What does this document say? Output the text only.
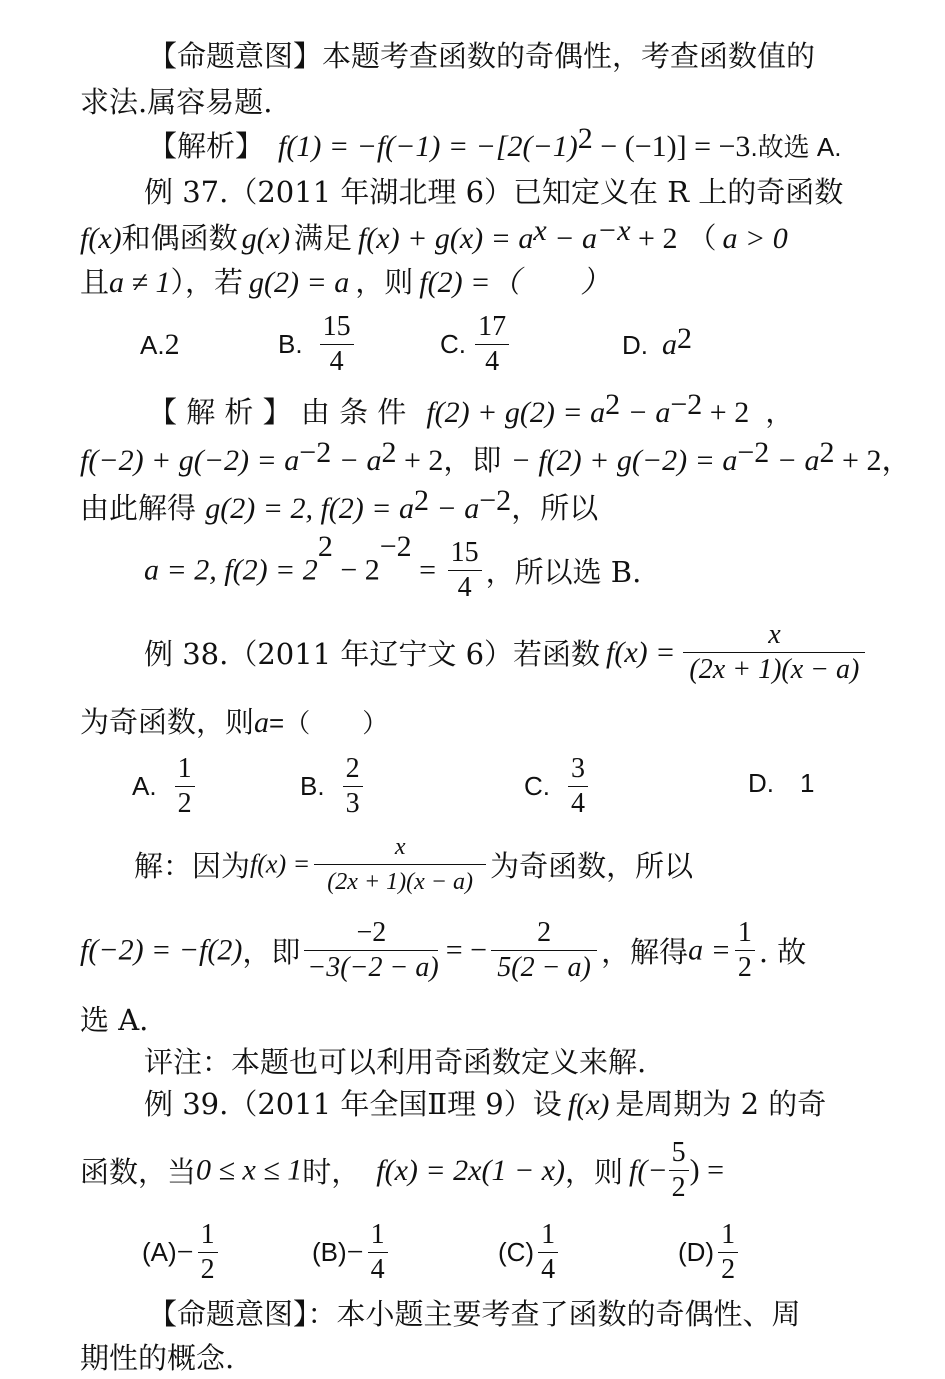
【命题意图】本题考查函数的奇偶性，考查函数值的
求法.属容易题.
【解析】 $f(1) = -f(-1) = -[2(-1)^2 - (-1)] = -3$.故选 A.
例 37.（2011 年湖北理 6）已知定义在 R 上的奇函数
f(x)和偶函数 g(x) 满足 $f(x) + g(x) = a^x - a^{-x} + 2$ （ a > 0
且a ≠ 1），若 g(2) = a ，则 f(2) =（　　）
A.2	B. $\frac{15}{4}$	C. $\frac{17}{4}$	D. $a^2$
【 解 析 】 由 条 件 $f(2) + g(2) = a^2 - a^{-2} + 2$ ，
$f(-2) + g(-2) = a^{-2} - a^2 + 2$，即 − $f(2) + g(-2) = a^{-2} - a^2 + 2$，
由此解得 g(2) = 2, $f(2) = a^2 - a^{-2}$，所以
a = 2, $f(2) = 2^2 - 2^{-2} = \frac{15}{4}$ ，所以选 B.
例 38.（2011 年辽宁文 6）若函数 $f(x) = \frac{x}{(2x + 1)(x - a)}$
为奇函数，则a=（　　）
A. $\frac{1}{2}$	B. $\frac{2}{3}$	C. $\frac{3}{4}$	D. 1
解：因为$f(x) = \frac{x}{(2x + 1)(x - a)}$ 为奇函数，所以
f(−2) = −f(2)，即 $\frac{-2}{-3(-2 - a)}$ = − $\frac{2}{5(2 - a)}$ ，解得$a = \frac{1}{2}$ . 故
选 A.
评注：本题也可以利用奇函数定义来解.
例 39.（2011 年全国Ⅱ理 9）设 f(x) 是周期为 2 的奇
函数，当0 ≤ x ≤ 1时， f(x) = 2x(1 − x)，则 $f(- \frac{5}{2}$ ) =
$(A)- \frac{1}{2}$	$(B)- \frac{1}{4}$	$(C) \frac{1}{4}$	$(D) \frac{1}{2}$
【命题意图】：本小题主要考查了函数的奇偶性、周
期性的概念.
